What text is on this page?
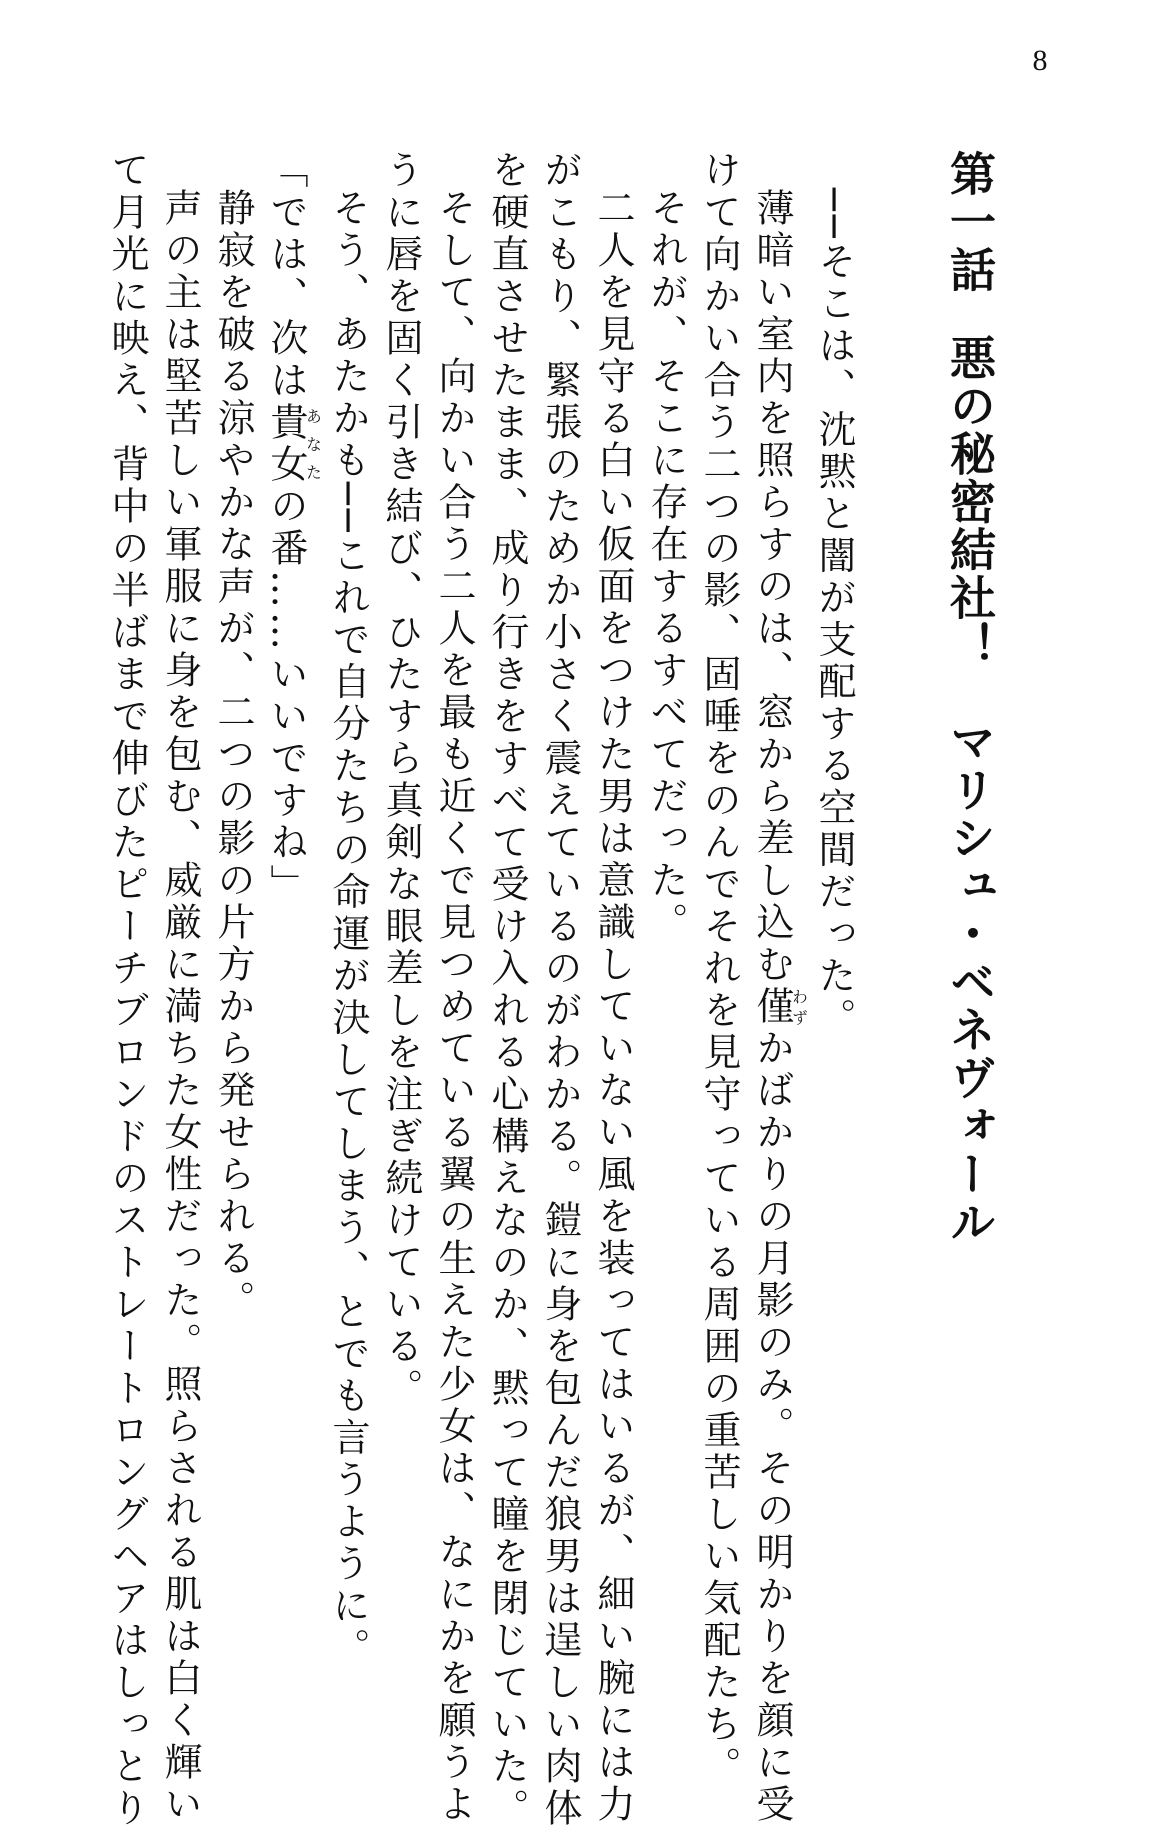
8
第一話悪の秘密結社！　マリシュ・ベネヴォール

──そこは、沈黙と闇が支配する空間だった。

薄暗い室内を照らすのは、窓から差し込む僅わずかばかりの月影のみ。その明かりを顔に受

けて向かい合う二つの影、固唾をのんでそれを見守っている周囲の重苦しい気配たち。

それが、そこに存在するすべてだった。

二人を見守る白い仮面をつけた男は意識していない風を装ってはいるが、細い腕には力

がこもり、緊張のためか小さく震えているのがわかる。鎧に身を包んだ狼男は逞しい肉体

を硬直させたまま、成り行きをすべて受け入れる心構えなのか、黙って瞳を閉じていた。

そして、向かい合う二人を最も近くで見つめている翼の生えた少女は、なにかを願うよ

うに唇を固く引き結び、ひたすら真剣な眼差しを注ぎ続けている。

そう、あたかも──これで自分たちの命運が決してしまう、とでも言うように。

「では、次は貴女あなたの番……いいですね」

静寂を破る涼やかな声が、二つの影の片方から発せられる。

声の主は堅苦しい軍服に身を包む、威厳に満ちた女性だった。照らされる肌は白く輝い

て月光に映え、背中の半ばまで伸びたピーチブロンドのストレートロングヘアはしっとり
